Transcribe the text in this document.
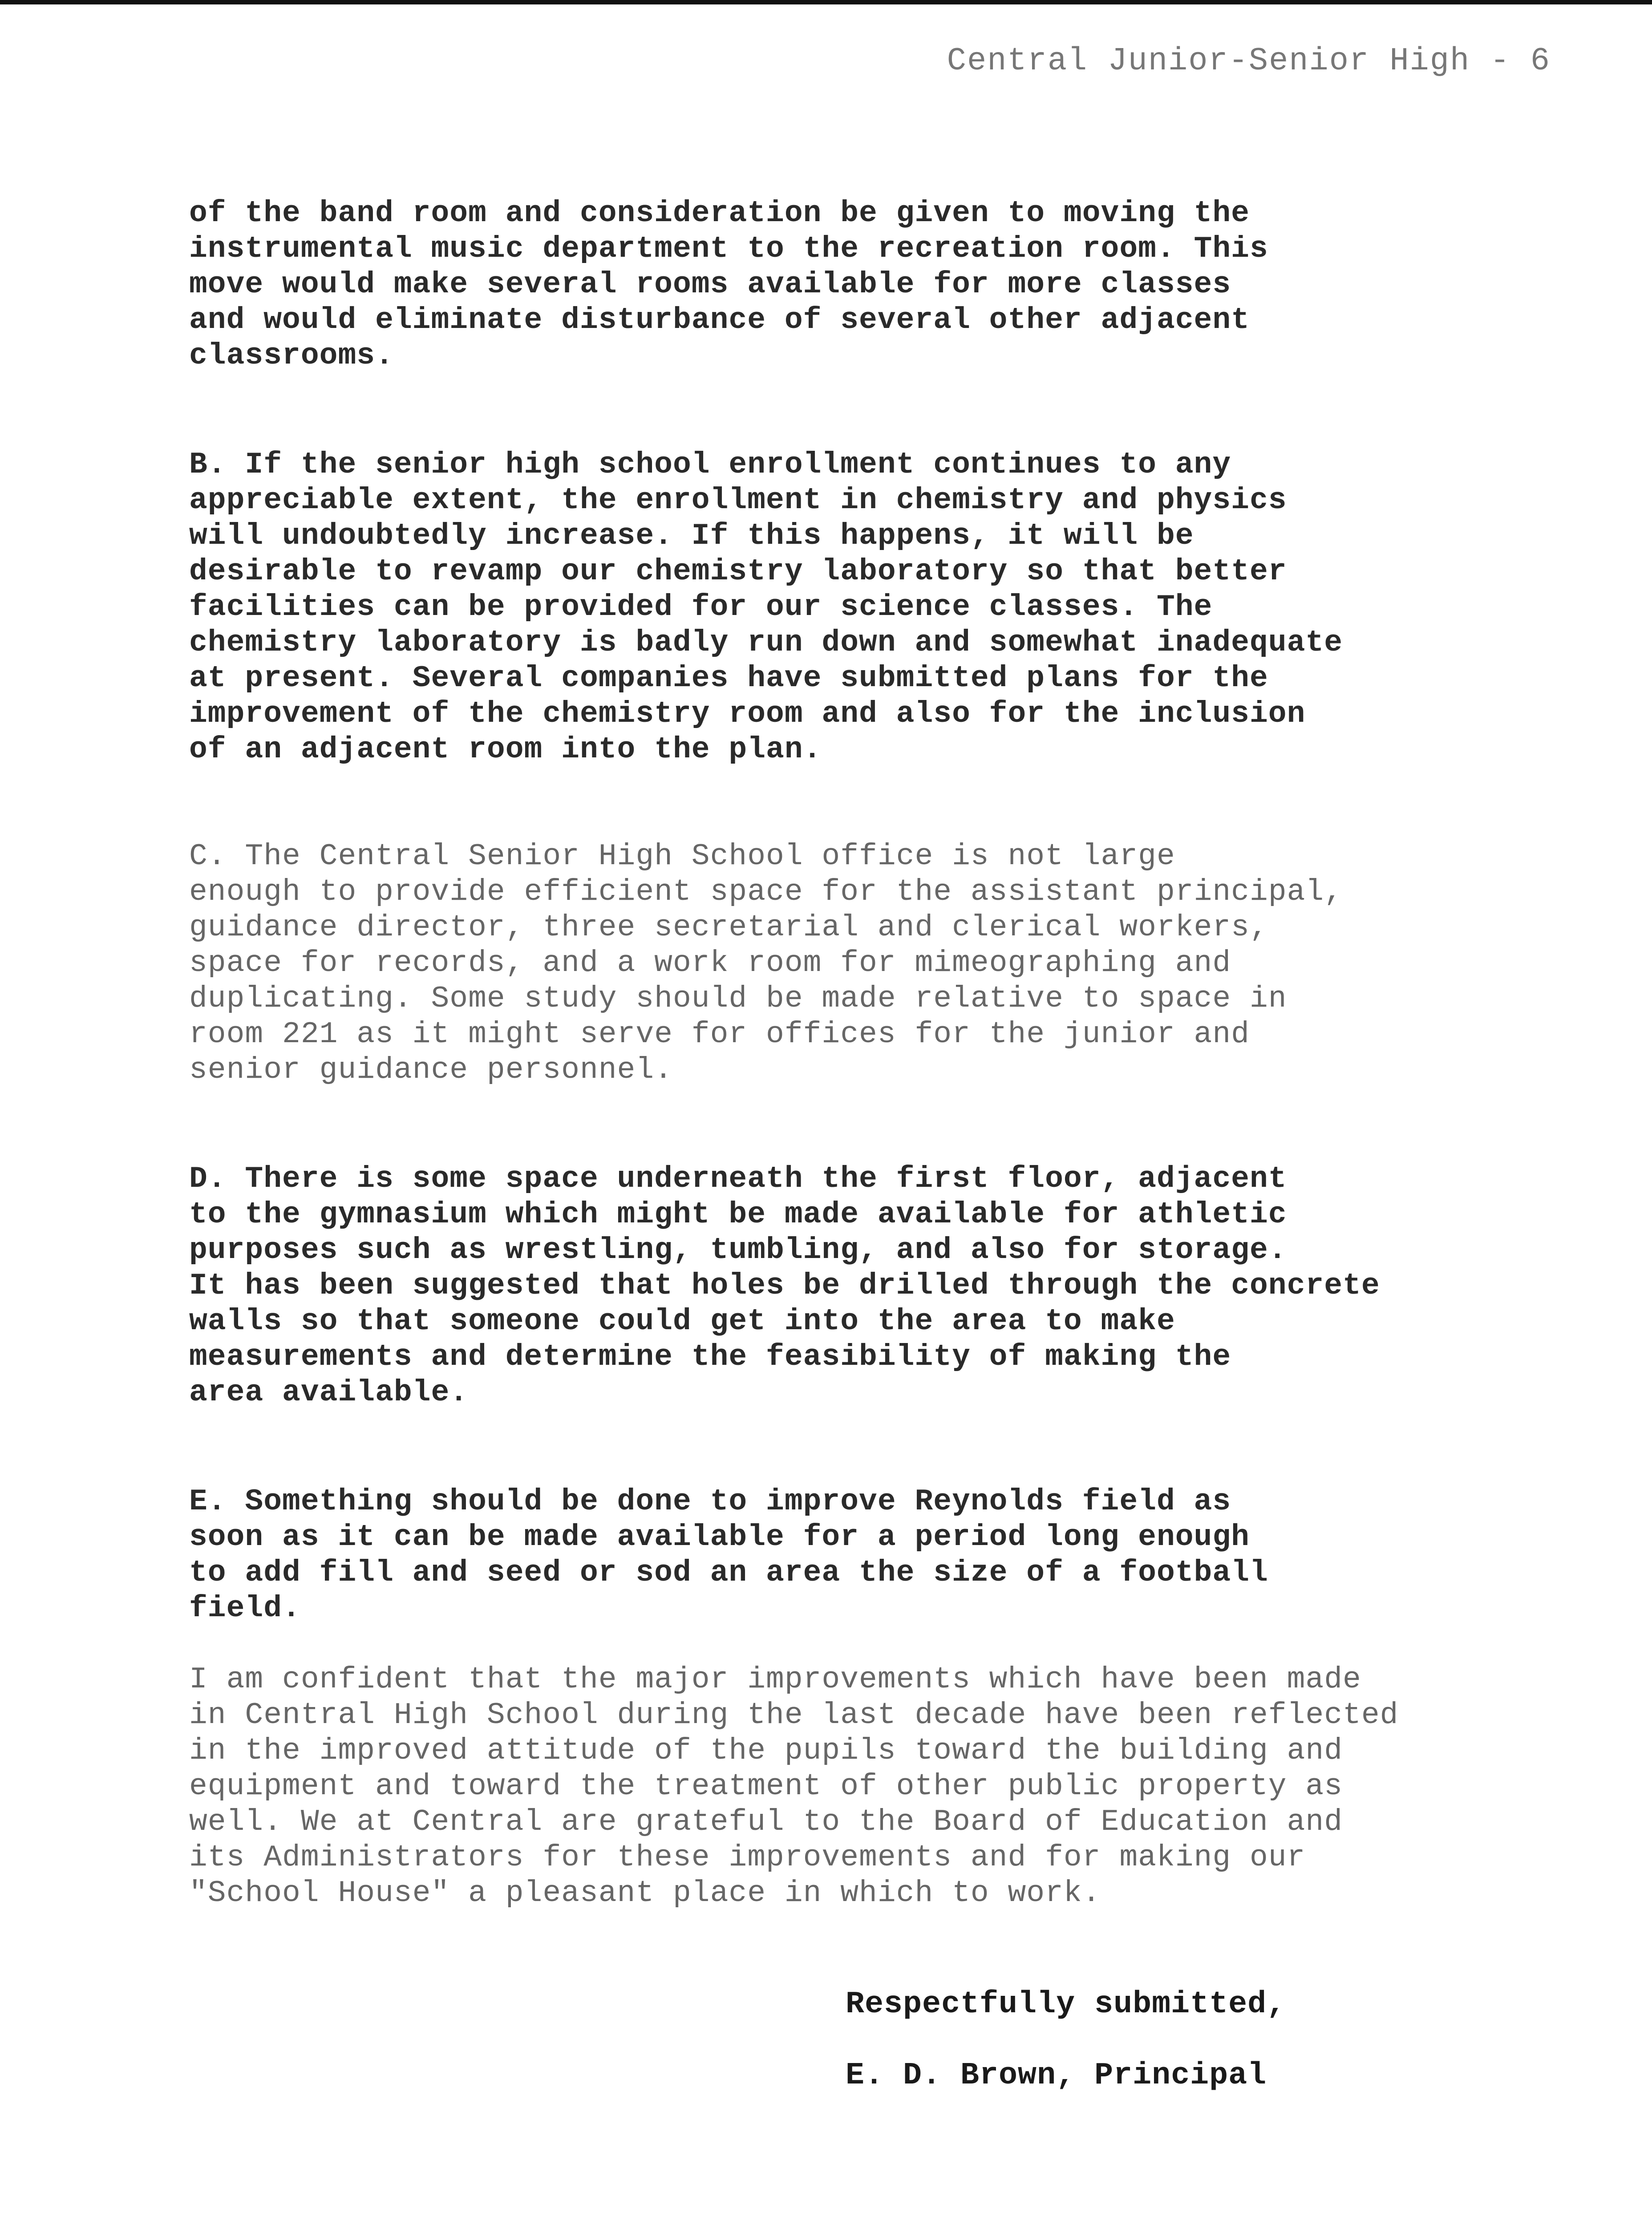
Central Junior-Senior High - 6
of the band room and consideration be given to moving the
instrumental music department to the recreation room. This
move would make several rooms available for more classes
and would eliminate disturbance of several other adjacent
classrooms.
B. If the senior high school enrollment continues to any
appreciable extent, the enrollment in chemistry and physics
will undoubtedly increase. If this happens, it will be
desirable to revamp our chemistry laboratory so that better
facilities can be provided for our science classes. The
chemistry laboratory is badly run down and somewhat inadequate
at present. Several companies have submitted plans for the
improvement of the chemistry room and also for the inclusion
of an adjacent room into the plan.
C. The Central Senior High School office is not large
enough to provide efficient space for the assistant principal,
guidance director, three secretarial and clerical workers,
space for records, and a work room for mimeographing and
duplicating. Some study should be made relative to space in
room 221 as it might serve for offices for the junior and
senior guidance personnel.
D. There is some space underneath the first floor, adjacent
to the gymnasium which might be made available for athletic
purposes such as wrestling, tumbling, and also for storage.
It has been suggested that holes be drilled through the concrete
walls so that someone could get into the area to make
measurements and determine the feasibility of making the
area available.
E. Something should be done to improve Reynolds field as
soon as it can be made available for a period long enough
to add fill and seed or sod an area the size of a football
field.
I am confident that the major improvements which have been made
in Central High School during the last decade have been reflected
in the improved attitude of the pupils toward the building and
equipment and toward the treatment of other public property as
well. We at Central are grateful to the Board of Education and
its Administrators for these improvements and for making our
"School House" a pleasant place in which to work.
Respectfully submitted,
E. D. Brown, Principal
